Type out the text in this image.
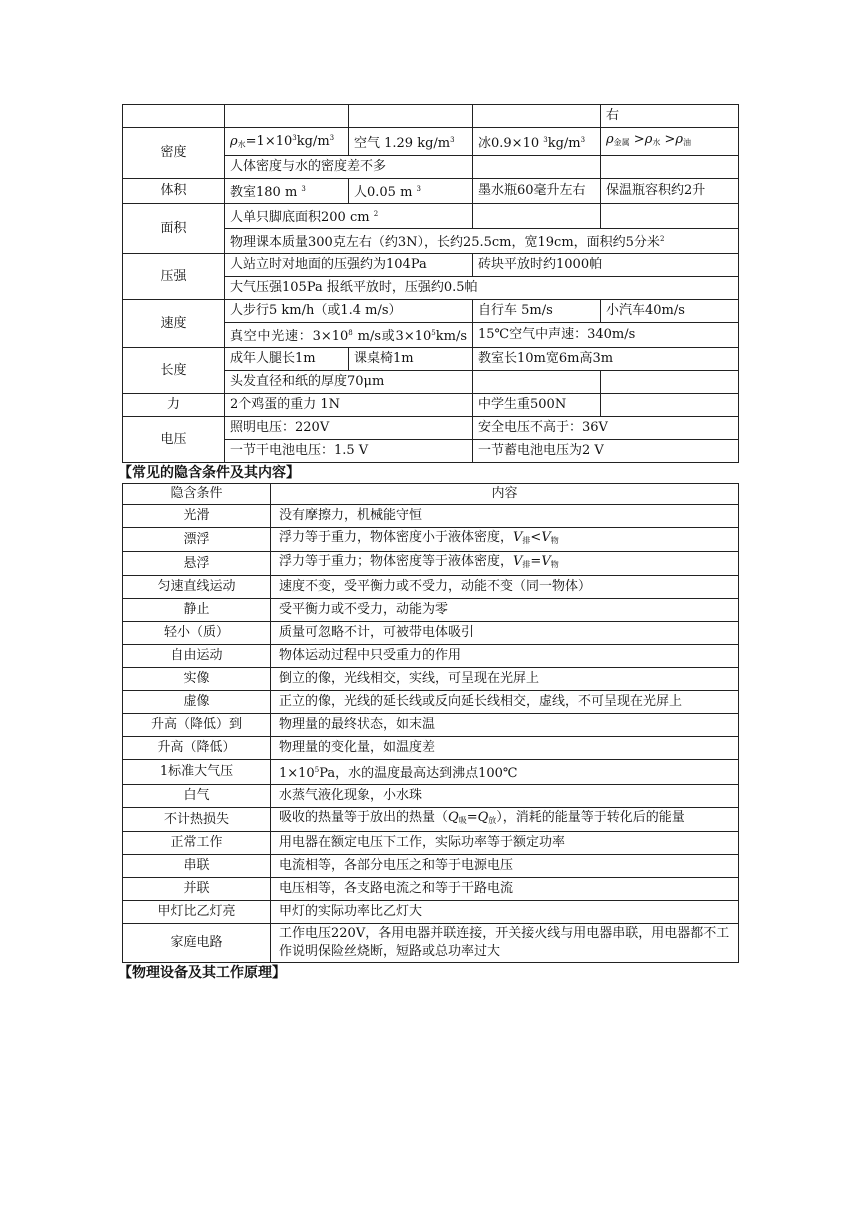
				右
密度	$\rho_水=1\times 10^3kg/m^3$	空气 1.29 $kg/m^3$	冰0.9×10 $^3kg/m^3$	$\rho_{金属} >\rho_水 >\rho_油$
	人体密度与水的密度差不多			
体积	教室180 m $^3$	人0.05 m $^3$	墨水瓶60毫升左右	保温瓶容积约2升
面积	人单只脚底面积200 cm $^2$		
	物理课本质量300克左右（约3N），长约25.5cm，宽19cm，面积约5分米$^2$
压强	人站立时对地面的压强约为104Pa		砖块平放时约1000帕	
	大气压强105Pa 报纸平放时，压强约0.5帕			
速度	人步行5 km/h（或1.4 m/s）		自行车 5m/s	小汽车40m/s
	真空中光速：$3\times 10^8$ m/s或$3\times 10^5km/s$		15℃空气中声速：340m/s	
长度	成年人腿长1m	课桌椅1m	教室长10m宽6m高3m	
	头发直径和纸的厚度70μm			
力	2个鸡蛋的重力 1N		中学生重500N	
电压	照明电压：220V		安全电压不高于：36V	
	一节干电池电压：1.5 V		一节蓄电池电压为2 V	
【常见的隐含条件及其内容】
隐含条件	内容
光滑	没有摩擦力，机械能守恒
漂浮	浮力等于重力，物体密度小于液体密度，$V_排<V_物$
悬浮	浮力等于重力；物体密度等于液体密度，$V_排=V_物$
匀速直线运动	速度不变，受平衡力或不受力，动能不变（同一物体）
静止	受平衡力或不受力，动能为零
轻小（质）	质量可忽略不计，可被带电体吸引
自由运动	物体运动过程中只受重力的作用
实像	倒立的像，光线相交，实线，可呈现在光屏上
虚像	正立的像，光线的延长线或反向延长线相交，虚线，不可呈现在光屏上
升高（降低）到	物理量的最终状态，如末温
升高（降低）	物理量的变化量，如温度差
1标准大气压	$1\times 10^5Pa$，水的温度最高达到沸点100℃
白气	水蒸气液化现象，小水珠
不计热损失	吸收的热量等于放出的热量$(Q_吸=Q_放)$，消耗的能量等于转化后的能量
正常工作	用电器在额定电压下工作，实际功率等于额定功率
串联	电流相等，各部分电压之和等于电源电压
并联	电压相等，各支路电流之和等于干路电流
甲灯比乙灯亮	甲灯的实际功率比乙灯大
家庭电路	工作电压220V，各用电器并联连接，开关接火线与用电器串联，用电器都不工作说明保险丝烧断，短路或总功率过大
【物理设备及其工作原理】
